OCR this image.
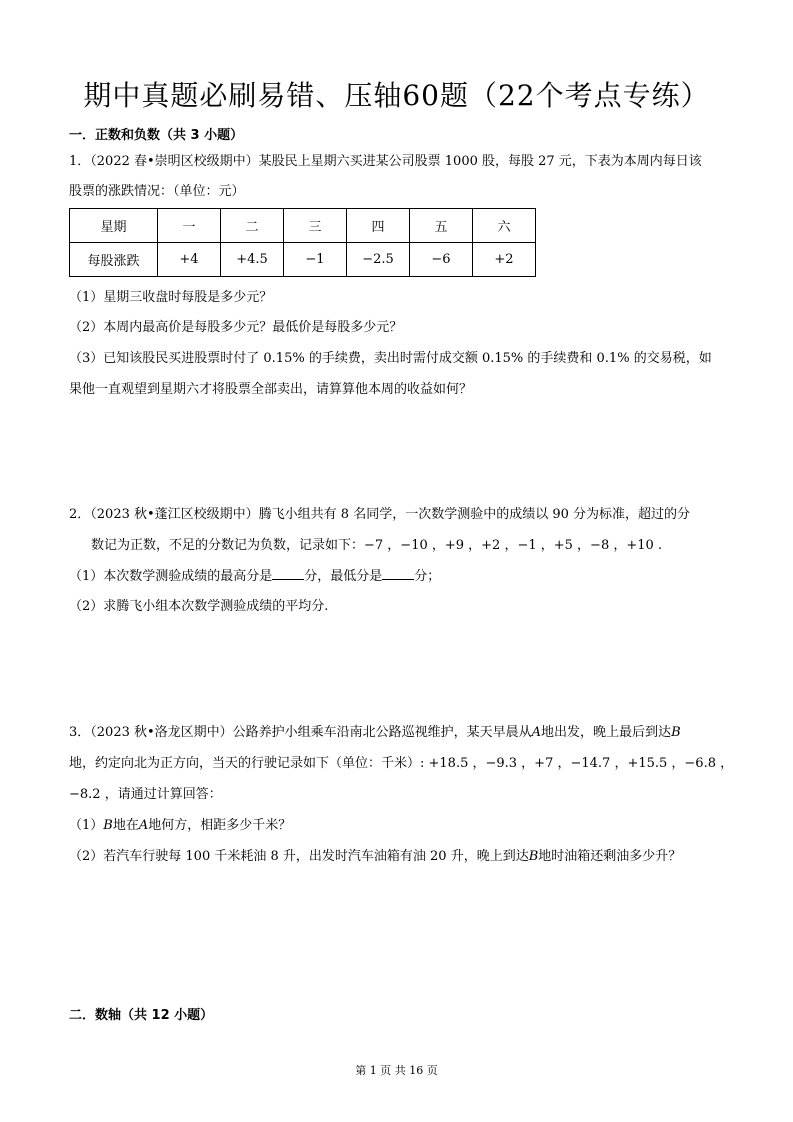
期中真题必刷易错、压轴60题（22个考点专练）
一．正数和负数（共 3 小题）
1．（2022 春•崇明区校级期中）某股民上星期六买进某公司股票 1000 股，每股 27 元，下表为本周内每日该
股票的涨跌情况：（单位：元）
星期	一	二	三	四	五	六
每股涨跌	+4	+4.5	−1	−2.5	−6	+2
（1）星期三收盘时每股是多少元？
（2）本周内最高价是每股多少元？最低价是每股多少元？
（3）已知该股民买进股票时付了 0.15% 的手续费，卖出时需付成交额 0.15% 的手续费和 0.1% 的交易税，如
果他一直观望到星期六才将股票全部卖出，请算算他本周的收益如何？
2．（2023 秋•蓬江区校级期中）腾飞小组共有 8 名同学，一次数学测验中的成绩以 90 分为标准，超过的分
数记为正数，不足的分数记为负数，记录如下：−7 ，−10 ，+9 ，+2 ，−1 ，+5 ，−8 ，+10 .
（1）本次数学测验成绩的最高分是 分，最低分是 分；
（2）求腾飞小组本次数学测验成绩的平均分.
3．（2023 秋•洛龙区期中）公路养护小组乘车沿南北公路巡视维护，某天早晨从A地出发，晚上最后到达B
地，约定向北为正方向，当天的行驶记录如下（单位：千米）: +18.5 ，−9.3 ，+7 ，−14.7 ，+15.5 ，−6.8 ，
−8.2 ，请通过计算回答：
（1）B地在A地何方，相距多少千米？
（2）若汽车行驶每 100 千米耗油 8 升，出发时汽车油箱有油 20 升，晚上到达B地时油箱还剩油多少升？
二．数轴（共 12 小题）
第 1 页 共 16 页
